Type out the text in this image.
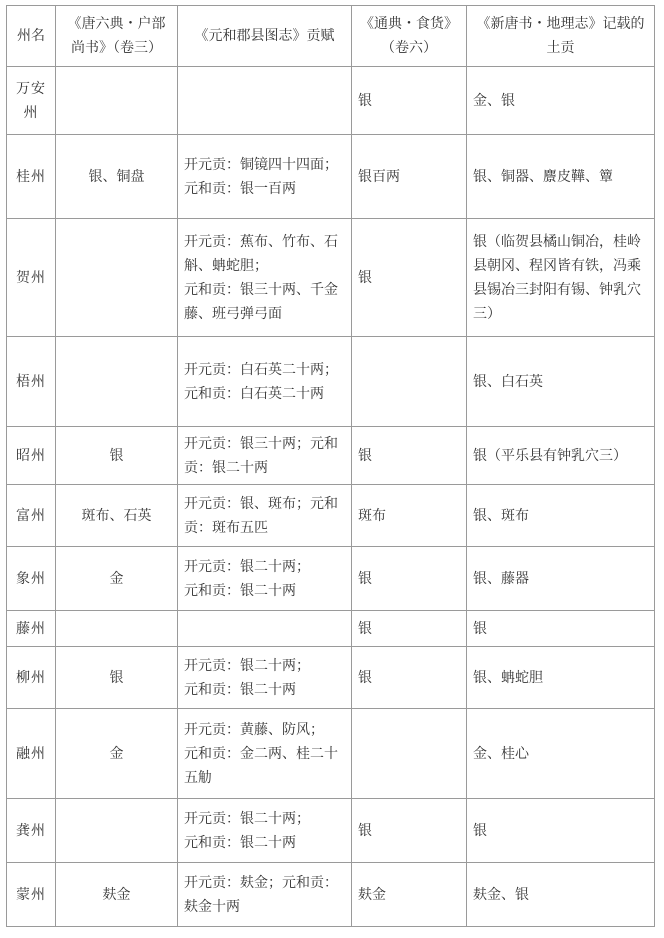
州名	《唐六典・户部尚书》（卷三）	《元和郡县图志》贡赋	《通典・食货》（卷六）	《新唐书・地理志》记载的土贡
万安州			银	金、银
桂州	银、铜盘	开元贡：铜镜四十四面；
元和贡：银一百两	银百两	银、铜器、麖皮鞾、簟
贺州		开元贡：蕉布、竹布、石斛、蚺蛇胆；
元和贡：银三十两、千金藤、班弓弹弓面	银	银（临贺县橘山铜冶，桂岭县朝冈、程冈皆有铁，冯乘县锡冶三封阳有锡、钟乳穴三）
梧州		开元贡：白石英二十两；
元和贡：白石英二十两		银、白石英
昭州	银	开元贡：银三十两；元和贡：银二十两	银	银（平乐县有钟乳穴三）
富州	斑布、石英	开元贡：银、斑布；元和贡：斑布五匹	斑布	银、斑布
象州	金	开元贡：银二十两；
元和贡：银二十两	银	银、藤器
藤州			银	银
柳州	银	开元贡：银二十两；
元和贡：银二十两	银	银、蚺蛇胆
融州	金	开元贡：黄藤、防风；
元和贡：金二两、桂二十五觔		金、桂心
龚州		开元贡：银二十两；
元和贡：银二十两	银	银
蒙州	麸金	开元贡：麸金；元和贡：麸金十两	麸金	麸金、银
